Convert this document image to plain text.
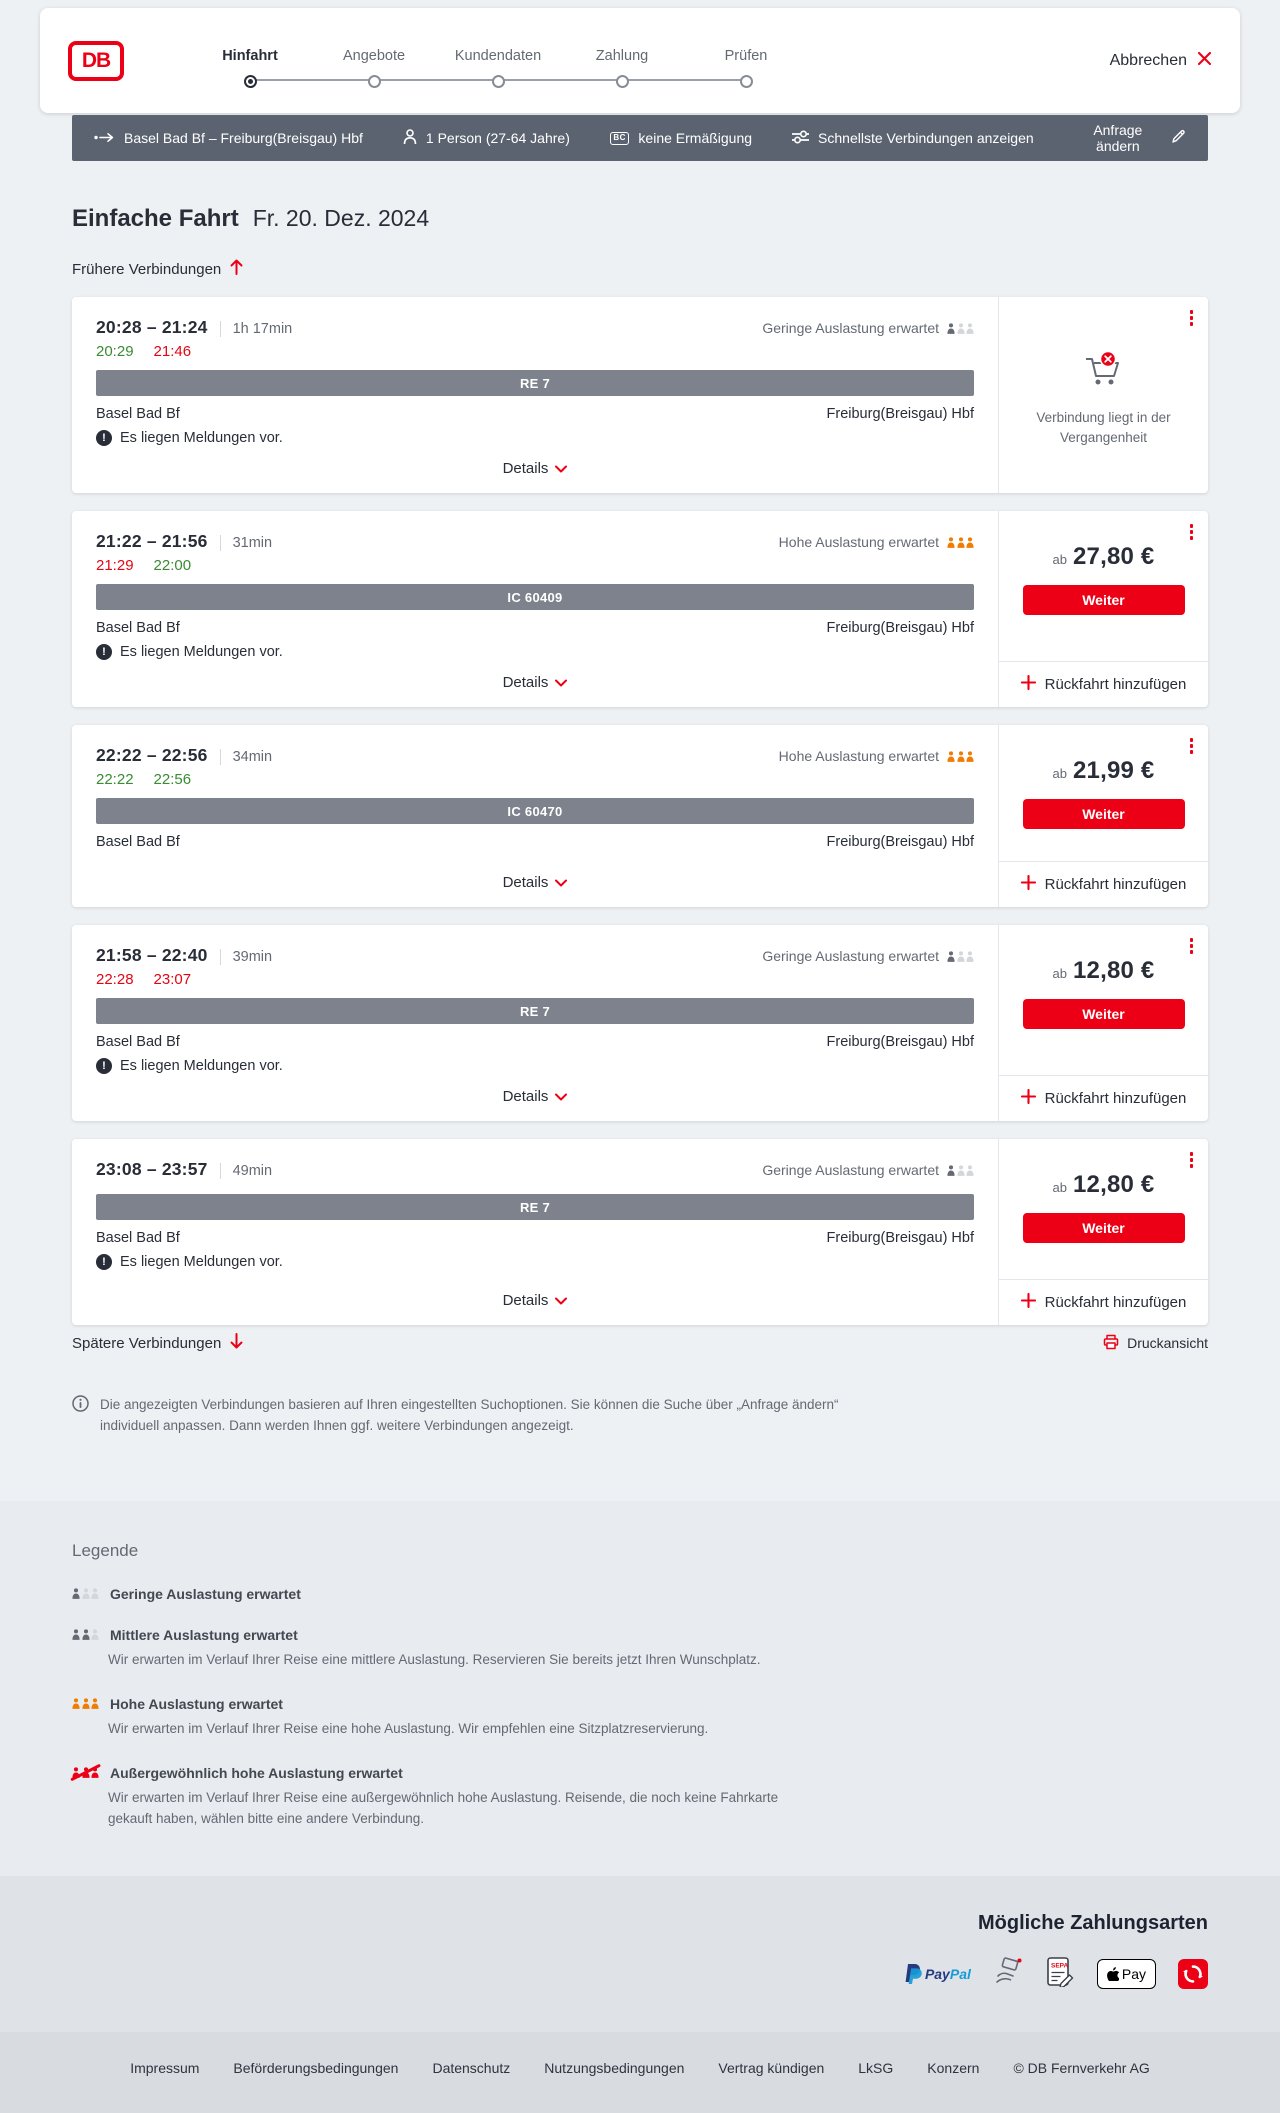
DB	Hinfahrt	Angebote	Kundendaten	Zahlung	Prüfen	Abbrechen
Basel Bad Bf – Freiburg(Breisgau) Hbf	1 Person (27-64 Jahre)	BC keine Ermäßigung	Schnellste Verbindungen anzeigen	Anfrage ändern
Einfache Fahrt Fr. 20. Dez. 2024
Frühere Verbindungen
20:28 – 21:24	1h 17min	Geringe Auslastung erwartet
20:29 21:46
RE 7
Basel Bad Bf	Freiburg(Breisgau) Hbf
! Es liegen Meldungen vor.
Details

Verbindung liegt in der Vergangenheit

21:22 – 21:56	31min	Hohe Auslastung erwartet
21:29 22:00
IC 60409
Basel Bad Bf	Freiburg(Breisgau) Hbf
! Es liegen Meldungen vor.
Details
ab 27,80 €
Weiter
Rückfahrt hinzufügen
22:22 – 22:56	34min	Hohe Auslastung erwartet
22:22 22:56
IC 60470
Basel Bad Bf	Freiburg(Breisgau) Hbf
Details
ab 21,99 €
Weiter
Rückfahrt hinzufügen
21:58 – 22:40	39min	Geringe Auslastung erwartet
22:28 23:07
RE 7
Basel Bad Bf	Freiburg(Breisgau) Hbf
! Es liegen Meldungen vor.
Details
ab 12,80 €
Weiter
Rückfahrt hinzufügen
23:08 – 23:57	49min	Geringe Auslastung erwartet
RE 7
Basel Bad Bf	Freiburg(Breisgau) Hbf
! Es liegen Meldungen vor.
Details
ab 12,80 €
Weiter
Rückfahrt hinzufügen
Spätere Verbindungen	Druckansicht

Die angezeigten Verbindungen basieren auf Ihren eingestellten Suchoptionen. Sie können die Suche über „Anfrage ändern“ individuell anpassen. Dann werden Ihnen ggf. weitere Verbindungen angezeigt.

Legende
Geringe Auslastung erwartet
Mittlere Auslastung erwartet

Wir erwarten im Verlauf Ihrer Reise eine mittlere Auslastung. Reservieren Sie bereits jetzt Ihren Wunschplatz.

Hohe Auslastung erwartet

Wir erwarten im Verlauf Ihrer Reise eine hohe Auslastung. Wir empfehlen eine Sitzplatzreservierung.

Außergewöhnlich hohe Auslastung erwartet

Wir erwarten im Verlauf Ihrer Reise eine außergewöhnlich hohe Auslastung. Reisende, die noch keine Fahrkarte gekauft haben, wählen bitte eine andere Verbindung.

Mögliche Zahlungsarten
PayPal
SEPA
Pay
Impressum Beförderungsbedingungen Datenschutz Nutzungsbedingungen Vertrag kündigen LkSG Konzern © DB Fernverkehr AG
